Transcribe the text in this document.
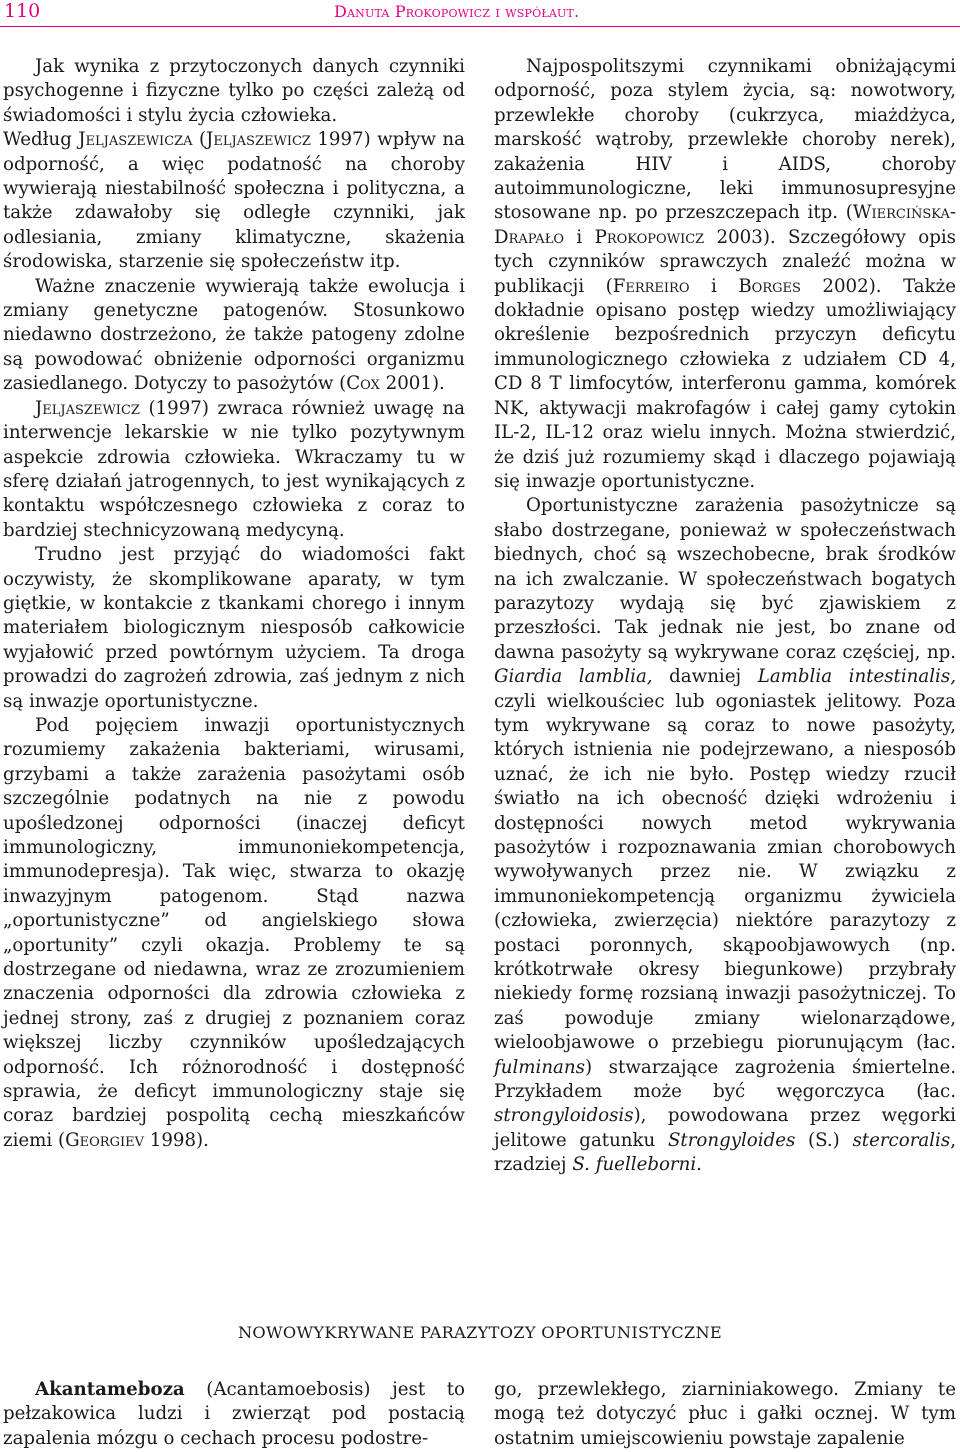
110	Danuta Prokopowicz i współaut.

Jak wynika z przytoczonych danych czynniki psychogenne i fizyczne tylko po części zależą od świadomości i stylu życia człowieka.
Według Jeljaszewicza (Jeljaszewicz 1997) wpływ na odporność, a więc podatność na choroby wywierają niestabilność społeczna i polityczna, a także zdawałoby się odległe czynniki, jak odlesiania, zmiany klimatyczne, skażenia środowiska, starzenie się społeczeństw itp.

Ważne znaczenie wywierają także ewolucja i zmiany genetyczne patogenów. Stosunkowo niedawno dostrzeżono, że także patogeny zdolne są powodować obniżenie odporności organizmu zasiedlanego. Dotyczy to pasożytów (Cox 2001).

Jeljaszewicz (1997) zwraca również uwagę na interwencje lekarskie w nie tylko pozytywnym aspekcie zdrowia człowieka. Wkraczamy tu w sferę działań jatrogennych, to jest wynikających z kontaktu współczesnego człowieka z coraz to bardziej stechnicyzowaną medycyną.

Trudno jest przyjąć do wiadomości fakt oczywisty, że skomplikowane aparaty, w tym giętkie, w kontakcie z tkankami chorego i innym materiałem biologicznym niesposób całkowicie wyjałowić przed powtórnym użyciem. Ta droga prowadzi do zagrożeń zdrowia, zaś jednym z nich są inwazje oportunistyczne.

Pod pojęciem inwazji oportunistycznych rozumiemy zakażenia bakteriami, wirusami, grzybami a także zarażenia pasożytami osób szczególnie podatnych na nie z powodu upośledzonej odporności (inaczej deficyt immunologiczny, immunoniekompetencja, immunodepresja). Tak więc, stwarza to okazję inwazyjnym patogenom. Stąd nazwa „oportunistyczne” od angielskiego słowa „oportunity” czyli okazja. Problemy te są dostrzegane od niedawna, wraz ze zrozumieniem znaczenia odporności dla zdrowia człowieka z jednej strony, zaś z drugiej z poznaniem coraz większej liczby czynników upośledzających odporność. Ich różnorodność i dostępność sprawia, że deficyt immunologiczny staje się coraz bardziej pospolitą cechą mieszkańców ziemi (Georgiev 1998).

Najpospolitszymi czynnikami obniżającymi odporność, poza stylem życia, są: nowotwory, przewlekłe choroby (cukrzyca, miażdżyca, marskość wątroby, przewlekłe choroby nerek), zakażenia HIV i AIDS, choroby autoimmunologiczne, leki immunosupresyjne stosowane np. po przeszczepach itp. (Wiercińska-Drapało i Prokopowicz 2003). Szczegółowy opis tych czynników sprawczych znaleźć można w publikacji (Ferreiro i Borges 2002). Także dokładnie opisano postęp wiedzy umożliwiający określenie bezpośrednich przyczyn deficytu immunologicznego człowieka z udziałem CD 4, CD 8 T limfocytów, interferonu gamma, komórek NK, aktywacji makrofagów i całej gamy cytokin IL-2, IL-12 oraz wielu innych. Można stwierdzić, że dziś już rozumiemy skąd i dlaczego pojawiają się inwazje oportunistyczne.

Oportunistyczne zarażenia pasożytnicze są słabo dostrzegane, ponieważ w społeczeństwach biednych, choć są wszechobecne, brak środków na ich zwalczanie. W społeczeństwach bogatych parazytozy wydają się być zjawiskiem z przeszłości. Tak jednak nie jest, bo znane od dawna pasożyty są wykrywane coraz częściej, np. Giardia lamblia, dawniej Lamblia intestinalis, czyli wielkouściec lub ogoniastek jelitowy. Poza tym wykrywane są coraz to nowe pasożyty, których istnienia nie podejrzewano, a niesposób uznać, że ich nie było. Postęp wiedzy rzucił światło na ich obecność dzięki wdrożeniu i dostępności nowych metod wykrywania pasożytów i rozpoznawania zmian chorobowych wywoływanych przez nie. W związku z immunoniekompetencją organizmu żywiciela (człowieka, zwierzęcia) niektóre parazytozy z postaci poronnych, skąpoobjawowych (np. krótkotrwałe okresy biegunkowe) przybrały niekiedy formę rozsianą inwazji pasożytniczej. To zaś powoduje zmiany wielonarządowe, wieloobjawowe o przebiegu piorunującym (łac. fulminans) stwarzające zagrożenia śmiertelne. Przykładem może być węgorczyca (łac. strongyloidosis), powodowana przez węgorki jelitowe gatunku Strongyloides (S.) stercoralis, rzadziej S. fuelleborni.

NOWOWYKRYWANE PARAZYTOZY OPORTUNISTYCZNE

Akantameboza (Acantamoebosis) jest to pełzakowica ludzi i zwierząt pod postacią zapalenia mózgu o cechach procesu podostre-

go, przewlekłego, ziarniniakowego. Zmiany te mogą też dotyczyć płuc i gałki ocznej. W tym ostatnim umiejscowieniu powstaje zapalenie
